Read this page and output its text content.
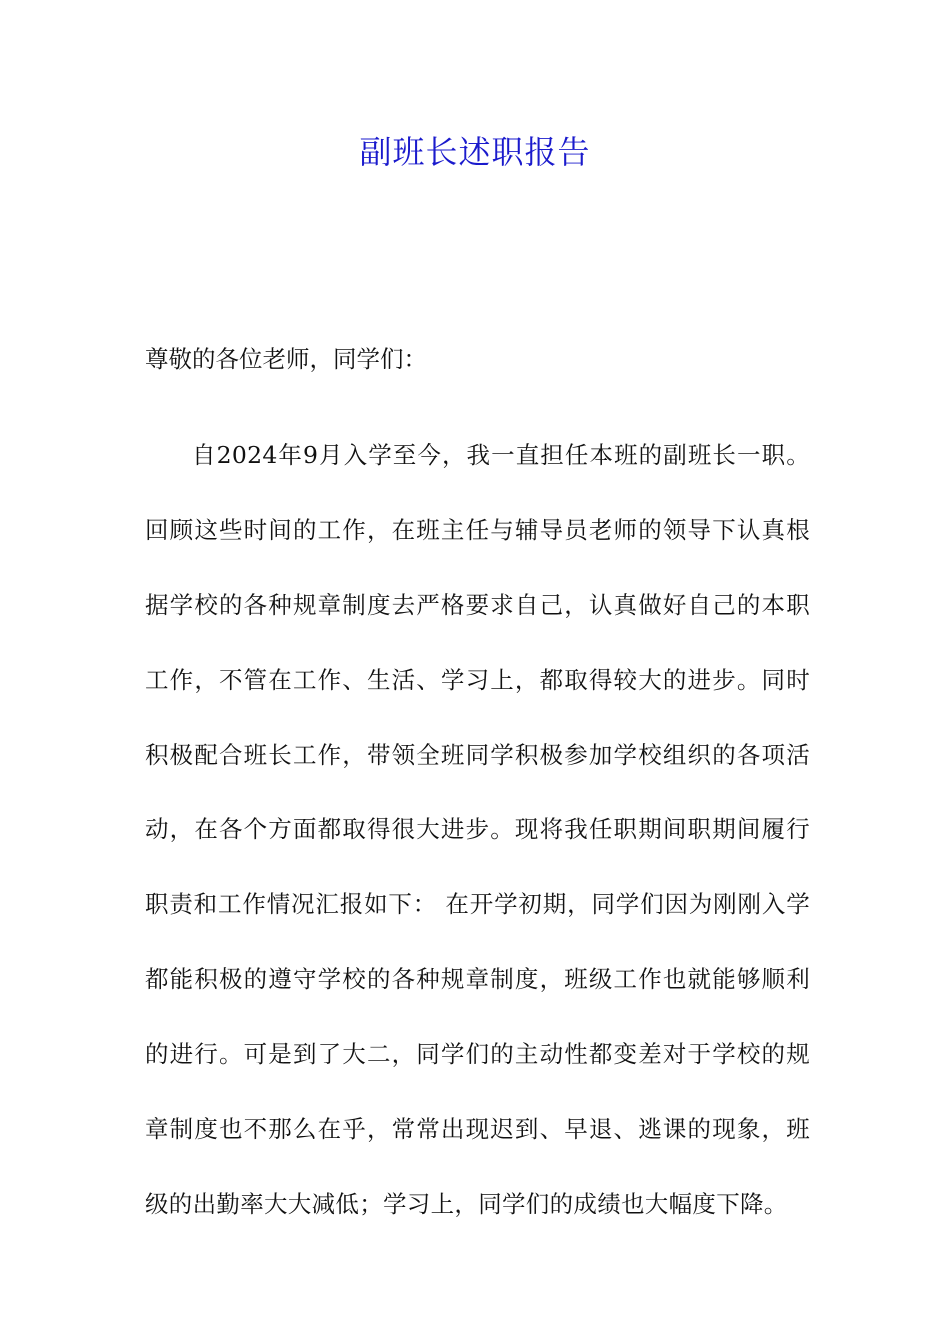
副班长述职报告

尊敬的各位老师，同学们：

自2024年9月入学至今，我一直担任本班的副班长一职。
回顾这些时间的工作，在班主任与辅导员老师的领导下认真根
据学校的各种规章制度去严格要求自己，认真做好自己的本职
工作，不管在工作、生活、学习上，都取得较大的进步。同时
积极配合班长工作，带领全班同学积极参加学校组织的各项活
动，在各个方面都取得很大进步。现将我任职期间职期间履行
职责和工作情况汇报如下： 在开学初期，同学们因为刚刚入学
都能积极的遵守学校的各种规章制度，班级工作也就能够顺利
的进行。可是到了大二，同学们的主动性都变差对于学校的规
章制度也不那么在乎，常常出现迟到、早退、逃课的现象，班
级的出勤率大大减低；学习上，同学们的成绩也大幅度下降。
